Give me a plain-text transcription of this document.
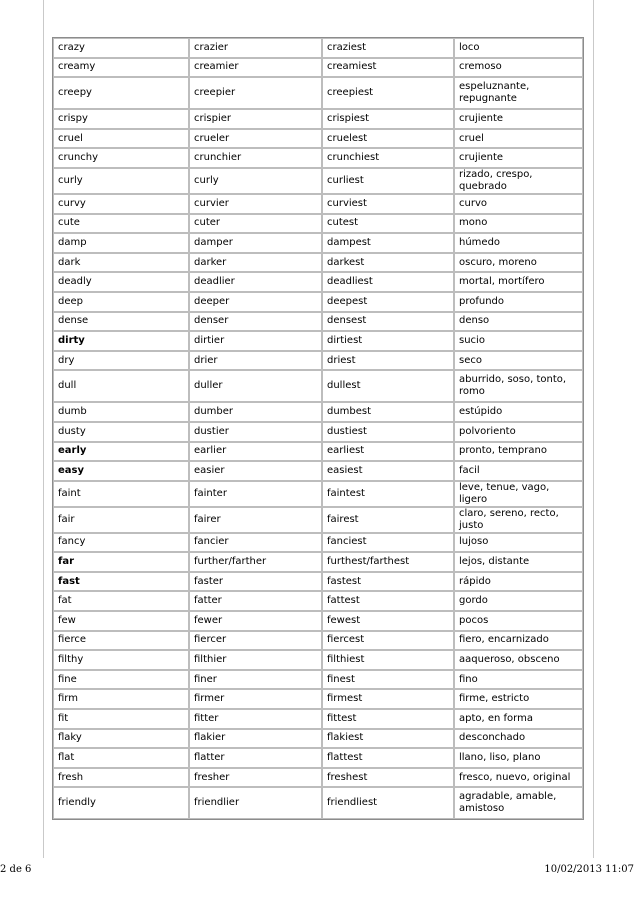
crazy	crazier	craziest	loco
creamy	creamier	creamiest	cremoso
creepy	creepier	creepiest	espeluznante, repugnante
crispy	crispier	crispiest	crujiente
cruel	crueler	cruelest	cruel
crunchy	crunchier	crunchiest	crujiente
curly	curly	curliest	rizado, crespo, quebrado
curvy	curvier	curviest	curvo
cute	cuter	cutest	mono
damp	damper	dampest	húmedo
dark	darker	darkest	oscuro, moreno
deadly	deadlier	deadliest	mortal, mortífero
deep	deeper	deepest	profundo
dense	denser	densest	denso
dirty	dirtier	dirtiest	sucio
dry	drier	driest	seco
dull	duller	dullest	aburrido, soso, tonto, romo
dumb	dumber	dumbest	estúpido
dusty	dustier	dustiest	polvoriento
early	earlier	earliest	pronto, temprano
easy	easier	easiest	facil
faint	fainter	faintest	leve, tenue, vago, ligero
fair	fairer	fairest	claro, sereno, recto, justo
fancy	fancier	fanciest	lujoso
far	further/farther	furthest/farthest	lejos, distante
fast	faster	fastest	rápido
fat	fatter	fattest	gordo
few	fewer	fewest	pocos
fierce	fiercer	fiercest	fiero, encarnizado
filthy	filthier	filthiest	aaqueroso, obsceno
fine	finer	finest	fino
firm	firmer	firmest	firme, estricto
fit	fitter	fittest	apto, en forma
flaky	flakier	flakiest	desconchado
flat	flatter	flattest	llano, liso, plano
fresh	fresher	freshest	fresco, nuevo, original
friendly	friendlier	friendliest	agradable, amable, amistoso
2 de 6	10/02/2013 11:07
